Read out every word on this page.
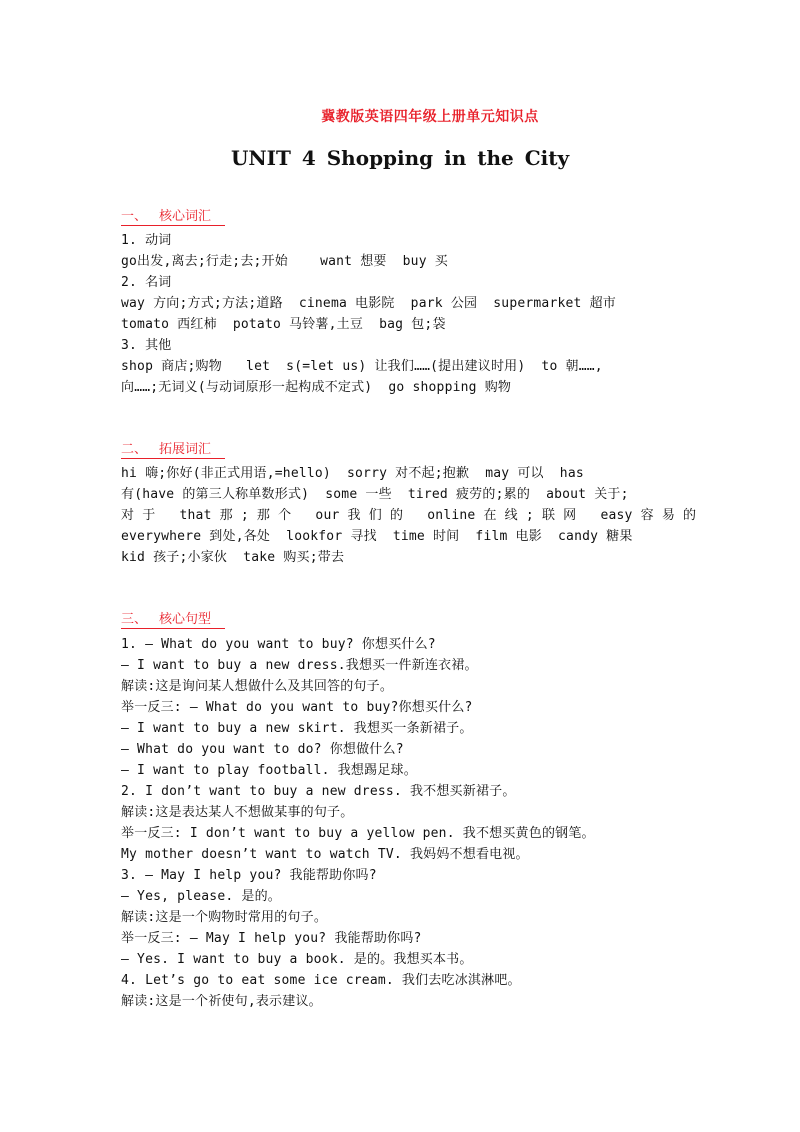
冀教版英语四年级上册单元知识点
UNIT 4 Shopping in the City
一、 核心词汇
1. 动词
go出发,离去;行走;去;开始    want 想要  buy 买
2. 名词
way 方向;方式;方法;道路  cinema 电影院  park 公园  supermarket 超市
tomato 西红柿  potato 马铃薯,土豆  bag 包;袋
3. 其他
shop 商店;购物   let  s(=let us) 让我们……(提出建议时用)  to 朝……,
向……;无词义(与动词原形一起构成不定式)  go shopping 购物
二、 拓展词汇
hi 嗨;你好(非正式用语,=hello)  sorry 对不起;抱歉  may 可以  has
有(have 的第三人称单数形式)  some 一些  tired 疲劳的;累的  about 关于;
对 于   that 那 ; 那 个   our 我 们 的   online 在 线 ; 联 网   easy 容 易 的
everywhere 到处,各处  lookfor 寻找  time 时间  film 电影  candy 糖果
kid 孩子;小家伙  take 购买;带去
三、 核心句型
1. — What do you want to buy? 你想买什么?
— I want to buy a new dress.我想买一件新连衣裙。
解读:这是询问某人想做什么及其回答的句子。
举一反三: — What do you want to buy?你想买什么?
— I want to buy a new skirt. 我想买一条新裙子。
— What do you want to do? 你想做什么?
— I want to play football. 我想踢足球。
2. I don’t want to buy a new dress. 我不想买新裙子。
解读:这是表达某人不想做某事的句子。
举一反三: I don’t want to buy a yellow pen. 我不想买黄色的钢笔。
My mother doesn’t want to watch TV. 我妈妈不想看电视。
3. — May I help you? 我能帮助你吗?
— Yes, please. 是的。
解读:这是一个购物时常用的句子。
举一反三: — May I help you? 我能帮助你吗?
— Yes. I want to buy a book. 是的。我想买本书。
4. Let’s go to eat some ice cream. 我们去吃冰淇淋吧。
解读:这是一个祈使句,表示建议。
